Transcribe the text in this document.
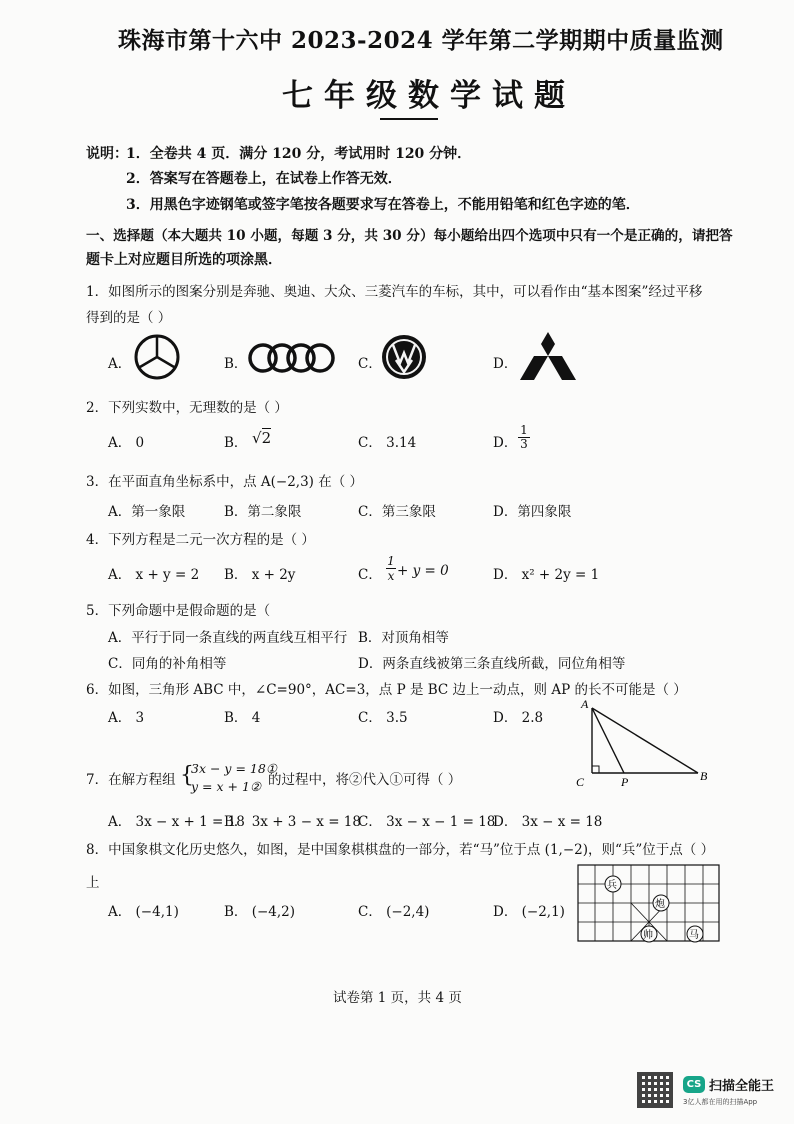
珠海市第十六中 2023-2024 学年第二学期期中质量监测
七年级数学试题
说明：
1．全卷共 4 页．满分 120 分，考试用时 120 分钟．
2．答案写在答题卷上，在试卷上作答无效．
3．用黑色字迹钢笔或签字笔按各题要求写在答卷上，不能用铅笔和红色字迹的笔．
一、选择题（本大题共 10 小题，每题 3 分，共 30 分）每小题给出四个选项中只有一个是正确的，请把答
题卡上对应题目所选的项涂黑．
1．如图所示的图案分别是奔驰、奥迪、大众、三菱汽车的车标，其中，可以看作由“基本图案”经过平移
得到的是（ ）
A．	B．	C．	D．
2．下列实数中，无理数的是（ ）
A． 0	B． √2	C． 3.14	D． $\frac{1}{3}$
3．在平面直角坐标系中，点 A(−2,3) 在（ ）
A．第一象限	B．第二象限	C．第三象限	D．第四象限
4．下列方程是二元一次方程的是（ ）
A． x + y = 2 B． x + 2y	C． $\frac{1}{x} + y = 0$	D． x² + 2y = 1
5．下列命题中是假命题的是（
A．平行于同一条直线的两直线互相平行 B．对顶角相等
C．同角的补角相等	D．两条直线被第三条直线所截，同位角相等
6．如图，三角形 ABC 中，∠C=90°，AC=3，点 P 是 BC 边上一动点，则 AP 的长不可能是（ ）
A． 3	B． 4	C． 3.5	D． 2.8
A
C	P	B
7．在解方程组 {
3x − y = 18①
y = x + 1② 的过程中，将②代入①可得（ ）
A． 3x − x + 1 = 18
B． 3x + 3 − x = 18
C． 3x − x − 1 = 18
D． 3x − x = 18
8．中国象棋文化历史悠久，如图，是中国象棋棋盘的一部分，若“马”位于点 (1,−2)，则“兵”位于点（ ）
上
A． (−4,1)	B． (−4,2)	C． (−2,4)	D． (−2,1)
兵
炮
帅	马
试卷第 1 页，共 4 页
CS 扫描全能王
3亿人都在用的扫描App
